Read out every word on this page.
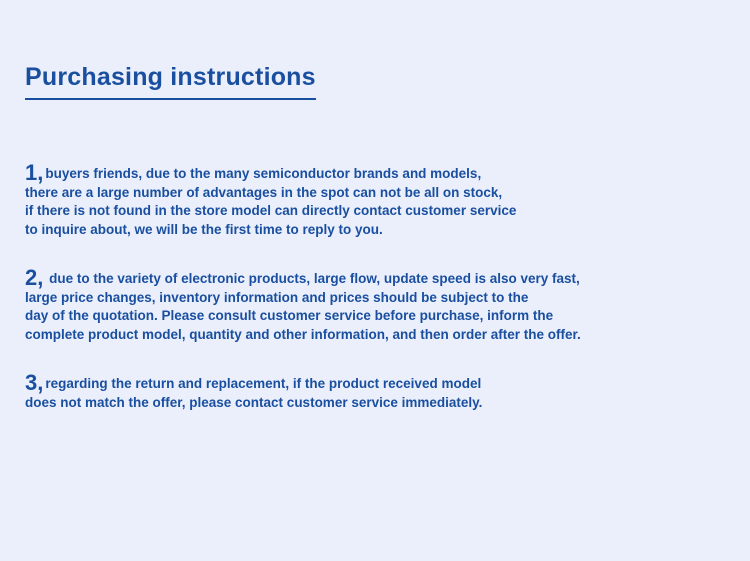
Purchasing instructions
1, buyers friends, due to the many semiconductor brands and models,
there are a large number of advantages in the spot can not be all on stock,
if there is not found in the store model can directly contact customer service
to inquire about, we will be the first time to reply to you.
2, due to the variety of electronic products, large flow, update speed is also very fast,
large price changes, inventory information and prices should be subject to the
day of the quotation. Please consult customer service before purchase, inform the
complete product model, quantity and other information, and then order after the offer.
3, regarding the return and replacement, if the product received model
does not match the offer, please contact customer service immediately.
